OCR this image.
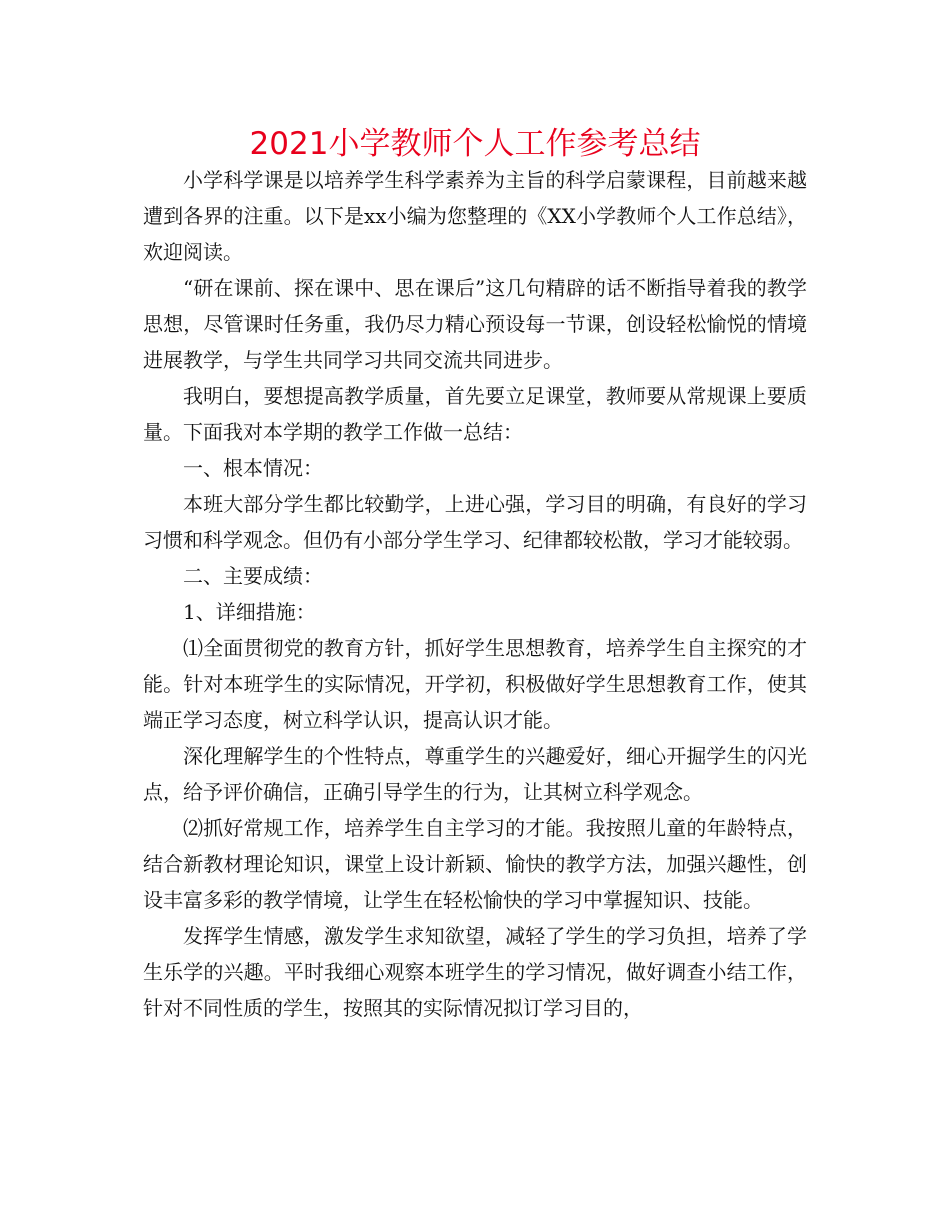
2021小学教师个人工作参考总结

小学科学课是以培养学生科学素养为主旨的科学启蒙课程，目前越来越遭到各界的注重。以下是xx小编为您整理的《XX小学教师个人工作总结》，欢迎阅读。

“研在课前、探在课中、思在课后”这几句精辟的话不断指导着我的教学思想，尽管课时任务重，我仍尽力精心预设每一节课，创设轻松愉悦的情境进展教学，与学生共同学习共同交流共同进步。

我明白，要想提高教学质量，首先要立足课堂，教师要从常规课上要质量。下面我对本学期的教学工作做一总结：

一、根本情况：

本班大部分学生都比较勤学，上进心强，学习目的明确，有良好的学习习惯和科学观念。但仍有小部分学生学习、纪律都较松散，学习才能较弱。

二、主要成绩：

1、详细措施：

⑴全面贯彻党的教育方针，抓好学生思想教育，培养学生自主探究的才能。针对本班学生的实际情况，开学初，积极做好学生思想教育工作，使其端正学习态度，树立科学认识，提高认识才能。

深化理解学生的个性特点，尊重学生的兴趣爱好，细心开掘学生的闪光点，给予评价确信，正确引导学生的行为，让其树立科学观念。

⑵抓好常规工作，培养学生自主学习的才能。我按照儿童的年龄特点，结合新教材理论知识，课堂上设计新颖、愉快的教学方法，加强兴趣性，创设丰富多彩的教学情境，让学生在轻松愉快的学习中掌握知识、技能。

发挥学生情感，激发学生求知欲望，减轻了学生的学习负担，培养了学生乐学的兴趣。平时我细心观察本班学生的学习情况，做好调查小结工作，针对不同性质的学生，按照其的实际情况拟订学习目的，
